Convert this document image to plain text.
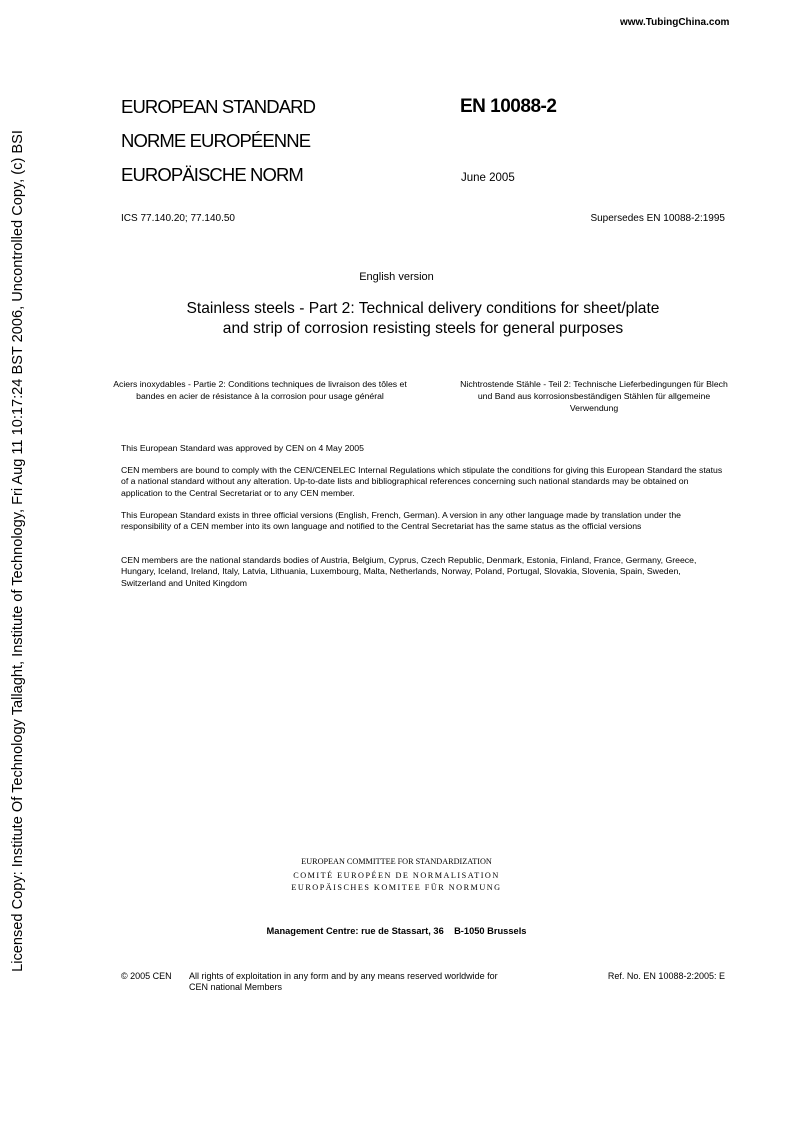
www.TubingChina.com
Licensed Copy: Institute Of Technology Tallaght, Institute of Technology, Fri Aug 11 10:17:24 BST 2006, Uncontrolled Copy, (c) BSI
EUROPEAN STANDARD
NORME EUROPÉENNE
EUROPÄISCHE NORM
EN 10088-2
June 2005
ICS 77.140.20; 77.140.50	Supersedes EN 10088-2:1995
English version
Stainless steels - Part 2: Technical delivery conditions for sheet/plate and strip of corrosion resisting steels for general purposes
Aciers inoxydables - Partie 2: Conditions techniques de livraison des tôles et bandes en acier de résistance à la corrosion pour usage général
Nichtrostende Stähle - Teil 2: Technische Lieferbedingungen für Blech und Band aus korrosionsbeständigen Stählen für allgemeine Verwendung
This European Standard was approved by CEN on 4 May 2005
CEN members are bound to comply with the CEN/CENELEC Internal Regulations which stipulate the conditions for giving this European Standard the status of a national standard without any alteration. Up-to-date lists and bibliographical references concerning such national standards may be obtained on application to the Central Secretariat or to any CEN member.
This European Standard exists in three official versions (English, French, German). A version in any other language made by translation under the responsibility of a CEN member into its own language and notified to the Central Secretariat has the same status as the official versions
CEN members are the national standards bodies of Austria, Belgium, Cyprus, Czech Republic, Denmark, Estonia, Finland, France, Germany, Greece, Hungary, Iceland, Ireland, Italy, Latvia, Lithuania, Luxembourg, Malta, Netherlands, Norway, Poland, Portugal, Slovakia, Slovenia, Spain, Sweden, Switzerland and United Kingdom
EUROPEAN COMMITTEE FOR STANDARDIZATION
COMITÉ EUROPÉEN DE NORMALISATION
EUROPÄISCHES KOMITEE FÜR NORMUNG
Management Centre: rue de Stassart, 36    B-1050 Brussels
© 2005 CEN All rights of exploitation in any form and by any means reserved worldwide for CEN national Members
Ref. No. EN 10088-2:2005: E
